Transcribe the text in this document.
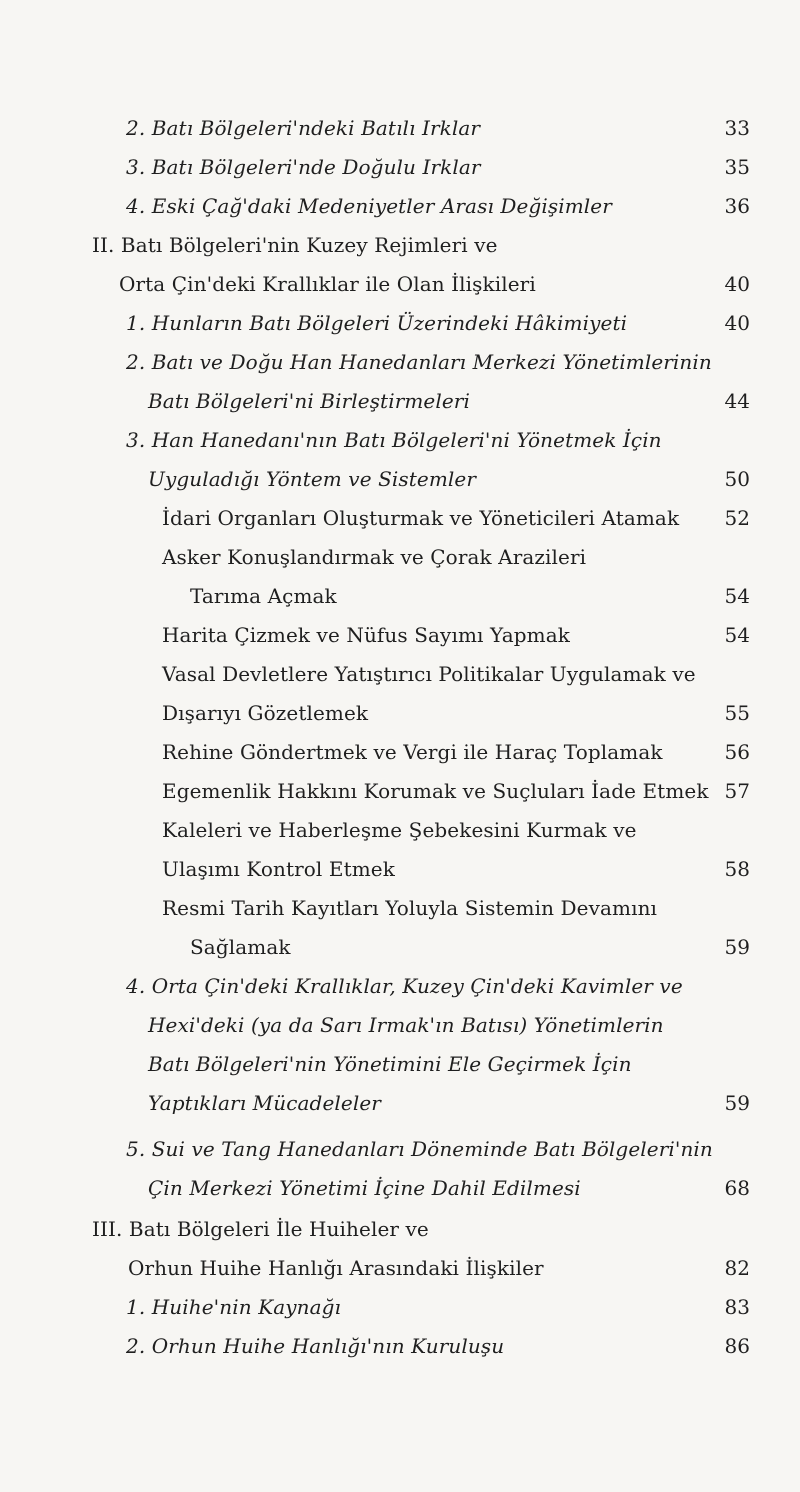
2. Batı Bölgeleri'ndeki Batılı Irklar	33
3. Batı Bölgeleri'nde Doğulu Irklar	35
4. Eski Çağ'daki Medeniyetler Arası Değişimler	36
II. Batı Bölgeleri'nin Kuzey Rejimleri ve
Orta Çin'deki Krallıklar ile Olan İlişkileri	40
1. Hunların Batı Bölgeleri Üzerindeki Hâkimiyeti	40
2. Batı ve Doğu Han Hanedanları Merkezi Yönetimlerinin
Batı Bölgeleri'ni Birleştirmeleri	44
3. Han Hanedanı'nın Batı Bölgeleri'ni Yönetmek İçin
Uyguladığı Yöntem ve Sistemler	50
İdari Organları Oluşturmak ve Yöneticileri Atamak 52
Asker Konuşlandırmak ve Çorak Arazileri
Tarıma Açmak	54
Harita Çizmek ve Nüfus Sayımı Yapmak	54
Vasal Devletlere Yatıştırıcı Politikalar Uygulamak ve
Dışarıyı Gözetlemek	55
Rehine Göndertmek ve Vergi ile Haraç Toplamak	56
Egemenlik Hakkını Korumak ve Suçluları İade Etmek 57
Kaleleri ve Haberleşme Şebekesini Kurmak ve
Ulaşımı Kontrol Etmek	58
Resmi Tarih Kayıtları Yoluyla Sistemin Devamını
Sağlamak	59
4. Orta Çin'deki Krallıklar, Kuzey Çin'deki Kavimler ve
Hexi'deki (ya da Sarı Irmak'ın Batısı) Yönetimlerin
Batı Bölgeleri'nin Yönetimini Ele Geçirmek İçin
Yaptıkları Mücadeleler	59
5. Sui ve Tang Hanedanları Döneminde Batı Bölgeleri'nin
Çin Merkezi Yönetimi İçine Dahil Edilmesi	68
III. Batı Bölgeleri İle Huiheler ve
Orhun Huihe Hanlığı Arasındaki İlişkiler	82
1. Huihe'nin Kaynağı	83
2. Orhun Huihe Hanlığı'nın Kuruluşu	86
